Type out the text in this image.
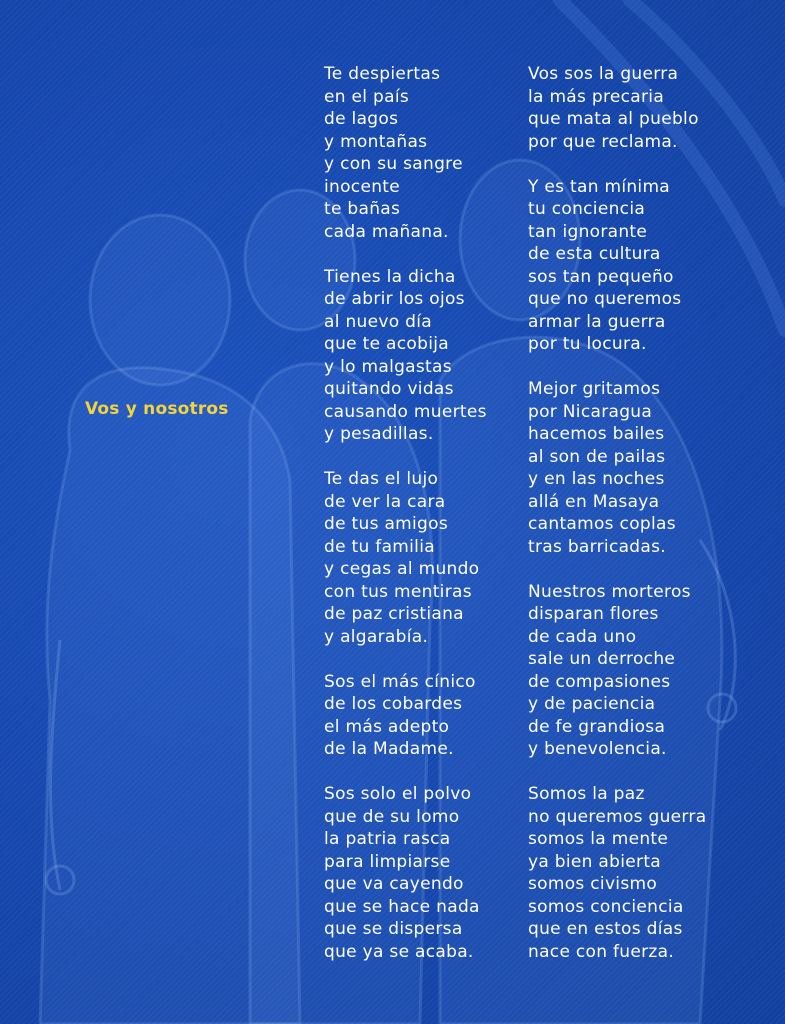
Vos y nosotros
Te despiertas
en el país
de lagos
y montañas
y con su sangre
inocente
te bañas
cada mañana.
Tienes la dicha
de abrir los ojos
al nuevo día
que te acobija
y lo malgastas
quitando vidas
causando muertes
y pesadillas.
Te das el lujo
de ver la cara
de tus amigos
de tu familia
y cegas al mundo
con tus mentiras
de paz cristiana
y algarabía.
Sos el más cínico
de los cobardes
el más adepto
de la Madame.
Sos solo el polvo
que de su lomo
la patria rasca
para limpiarse
que va cayendo
que se hace nada
que se dispersa
que ya se acaba.
Vos sos la guerra
la más precaria
que mata al pueblo
por que reclama.
Y es tan mínima
tu conciencia
tan ignorante
de esta cultura
sos tan pequeño
que no queremos
armar la guerra
por tu locura.
Mejor gritamos
por Nicaragua
hacemos bailes
al son de pailas
y en las noches
allá en Masaya
cantamos coplas
tras barricadas.
Nuestros morteros
disparan flores
de cada uno
sale un derroche
de compasiones
y de paciencia
de fe grandiosa
y benevolencia.
Somos la paz
no queremos guerra
somos la mente
ya bien abierta
somos civismo
somos conciencia
que en estos días
nace con fuerza.
